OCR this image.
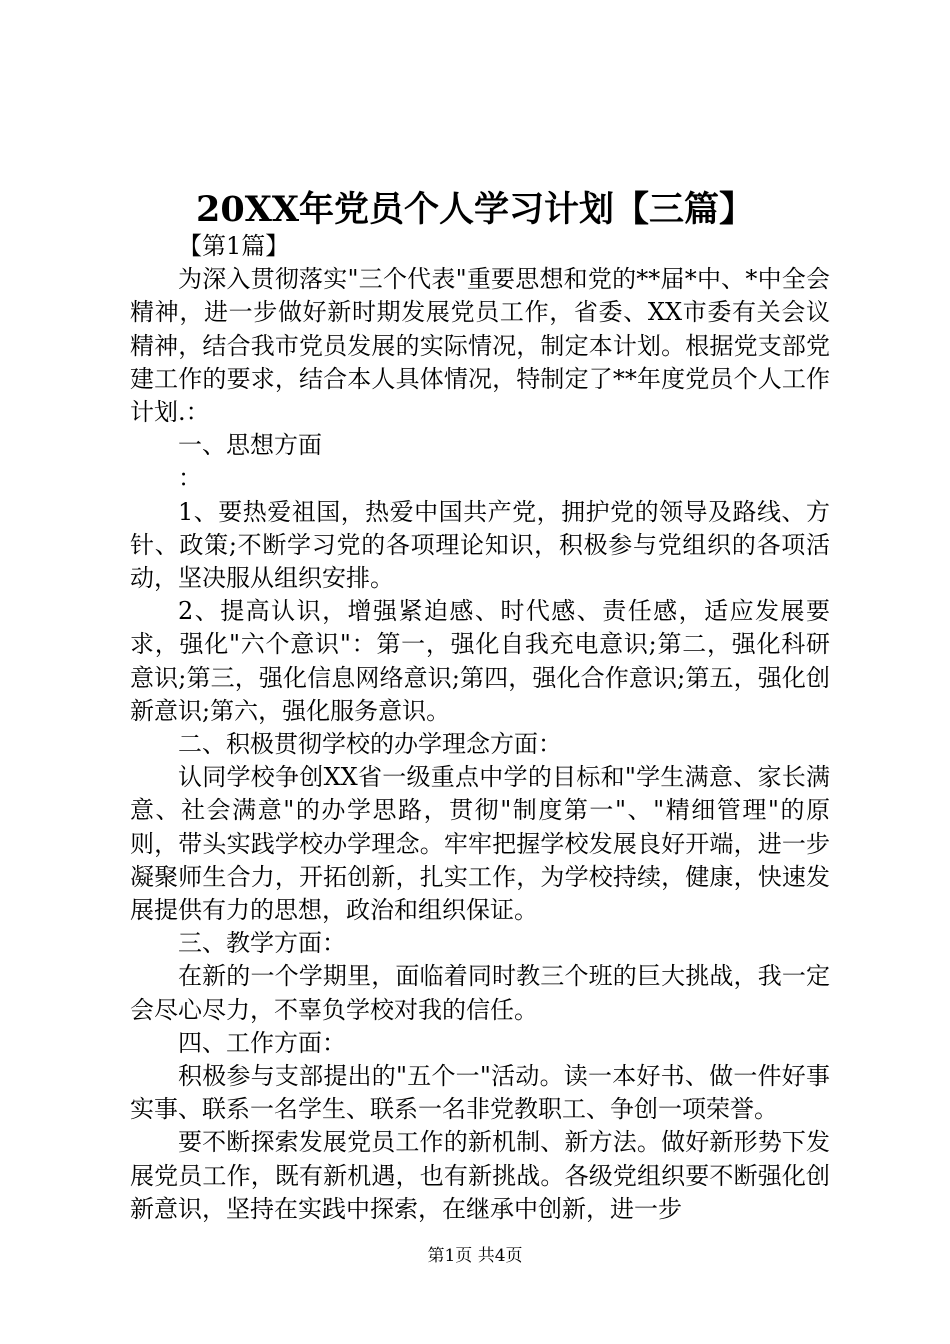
20XX年党员个人学习计划【三篇】

【第1篇】

为深入贯彻落实"三个代表"重要思想和党的**届*中、*中全会精神，进一步做好新时期发展党员工作，省委、XX市委有关会议精神，结合我市党员发展的实际情况，制定本计划。根据党支部党建工作的要求，结合本人具体情况，特制定了**年度党员个人工作计划.：

一、思想方面

：

1、要热爱祖国，热爱中国共产党，拥护党的领导及路线、方针、政策;不断学习党的各项理论知识，积极参与党组织的各项活动，坚决服从组织安排。

2、提高认识，增强紧迫感、时代感、责任感，适应发展要求，强化"六个意识"：第一，强化自我充电意识;第二，强化科研意识;第三，强化信息网络意识;第四，强化合作意识;第五，强化创新意识;第六，强化服务意识。

二、积极贯彻学校的办学理念方面：

认同学校争创XX省一级重点中学的目标和"学生满意、家长满意、社会满意"的办学思路，贯彻"制度第一"、"精细管理"的原则，带头实践学校办学理念。牢牢把握学校发展良好开端，进一步凝聚师生合力，开拓创新，扎实工作，为学校持续，健康，快速发展提供有力的思想，政治和组织保证。

三、教学方面：

在新的一个学期里，面临着同时教三个班的巨大挑战，我一定会尽心尽力，不辜负学校对我的信任。

四、工作方面：

积极参与支部提出的"五个一"活动。读一本好书、做一件好事实事、联系一名学生、联系一名非党教职工、争创一项荣誉。

要不断探索发展党员工作的新机制、新方法。做好新形势下发展党员工作，既有新机遇，也有新挑战。各级党组织要不断强化创新意识，坚持在实践中探索，在继承中创新，进一步

第1页 共4页
